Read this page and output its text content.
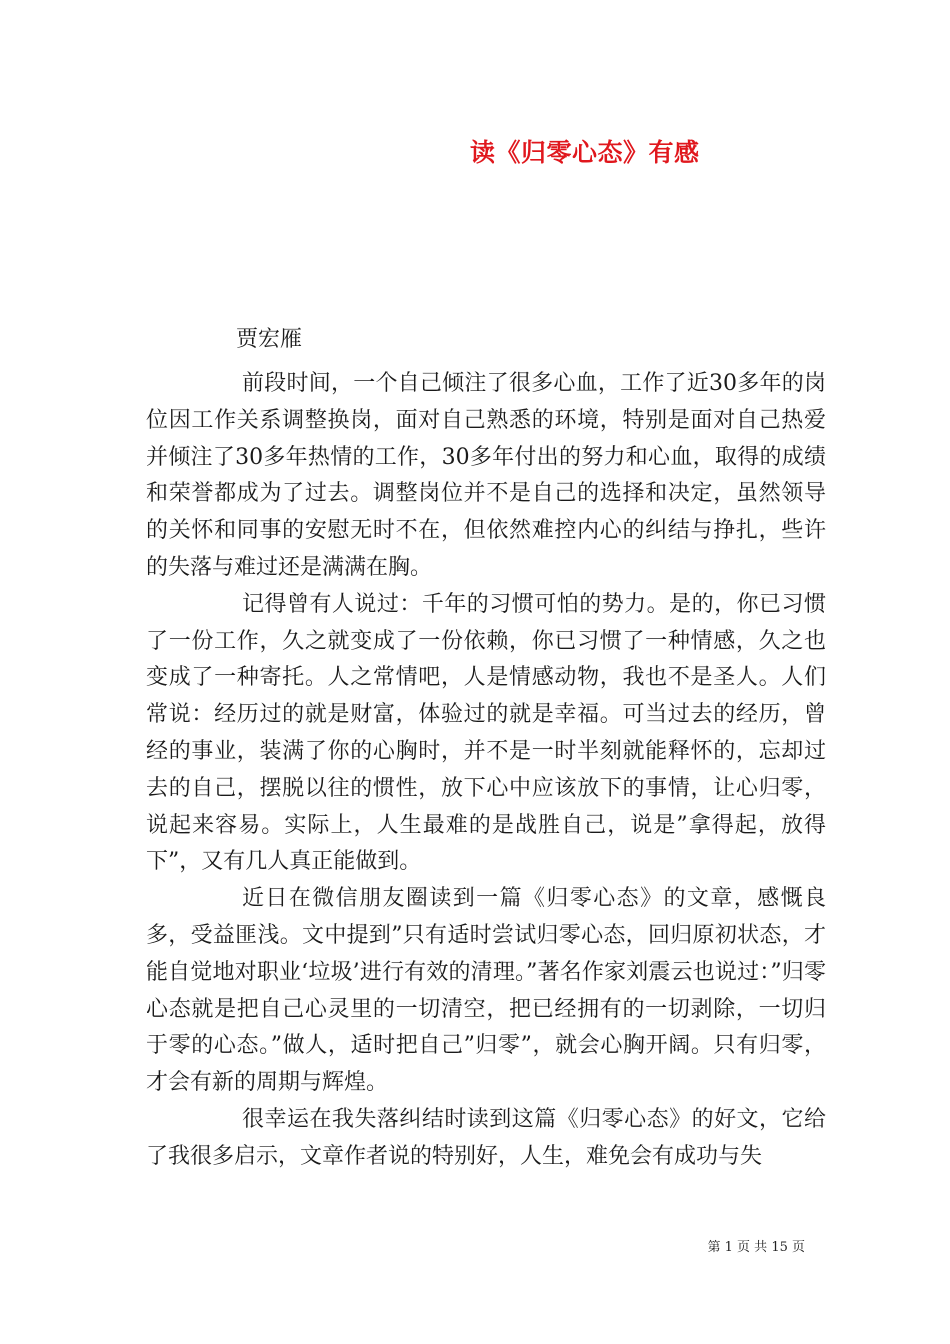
读《归零心态》有感
贾宏雁

前段时间，一个自己倾注了很多心血，工作了近30多年的岗位因工作关系调整换岗，面对自己熟悉的环境，特别是面对自己热爱并倾注了30多年热情的工作，30多年付出的努力和心血，取得的成绩和荣誉都成为了过去。调整岗位并不是自己的选择和决定，虽然领导的关怀和同事的安慰无时不在，但依然难控内心的纠结与挣扎，些许的失落与难过还是满满在胸。

记得曾有人说过：千年的习惯可怕的势力。是的，你已习惯了一份工作，久之就变成了一份依赖，你已习惯了一种情感，久之也变成了一种寄托。人之常情吧，人是情感动物，我也不是圣人。人们常说：经历过的就是财富，体验过的就是幸福。可当过去的经历，曾经的事业，装满了你的心胸时，并不是一时半刻就能释怀的，忘却过去的自己，摆脱以往的惯性，放下心中应该放下的事情，让心归零，说起来容易。实际上，人生最难的是战胜自己，说是”拿得起，放得下”，又有几人真正能做到。

近日在微信朋友圈读到一篇《归零心态》的文章，感慨良多，受益匪浅。文中提到”只有适时尝试归零心态，回归原初状态，才能自觉地对职业‘垃圾’进行有效的清理。”著名作家刘震云也说过：”归零心态就是把自己心灵里的一切清空，把已经拥有的一切剥除，一切归于零的心态。”做人，适时把自己”归零”，就会心胸开阔。只有归零，才会有新的周期与辉煌。

很幸运在我失落纠结时读到这篇《归零心态》的好文，它给了我很多启示，文章作者说的特别好，人生，难免会有成功与失

第 1 页 共 15 页
